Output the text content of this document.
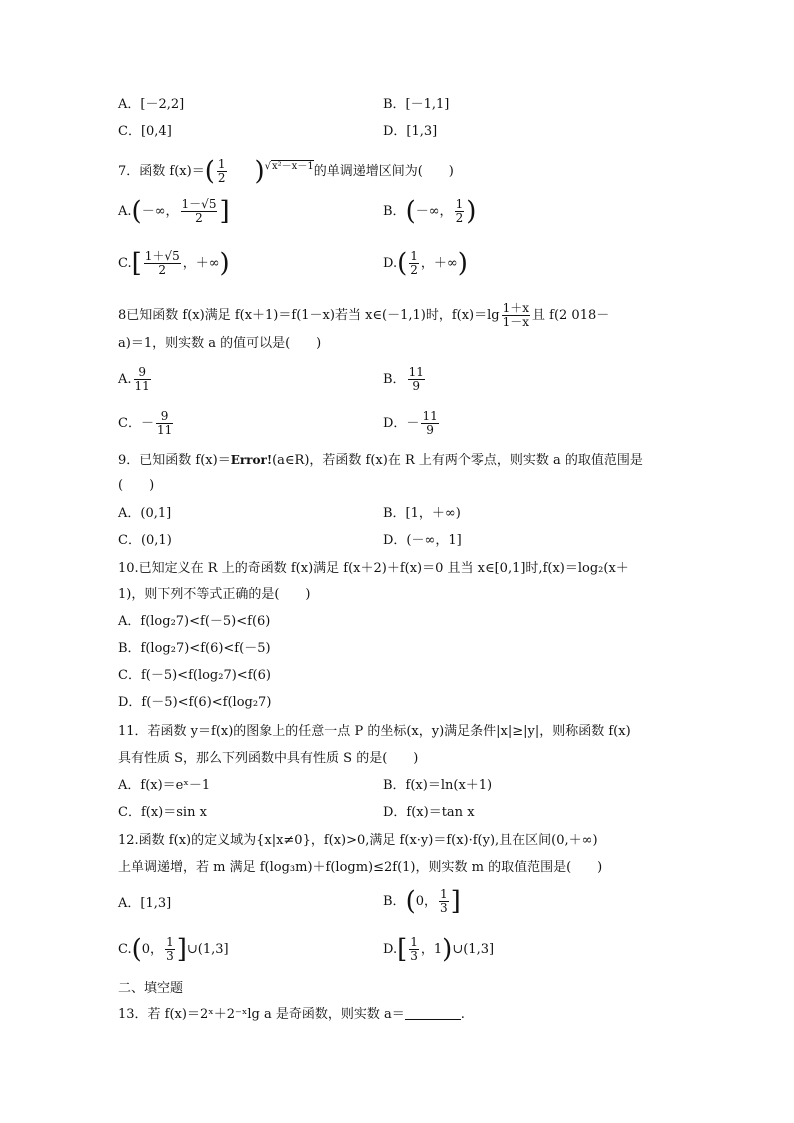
A．[－2,2]	B．[－1,1]
C．[0,4]	D．[1,3]
7．函数 $f(x)=( \frac{1}{2}$ 　)$^{√x^2-x-1}$的单调递增区间为(　　)
A.(－∞， $\frac{1-√5}{2}$ ]	B．(－∞， $\frac{1}{2}$ )
$C.[ \frac{1+√5}{2}$ ，＋∞)	$D.( \frac{1}{2}$ ，＋∞)
8已知函数 f(x)满足 f(x＋1)＝f(1－x)若当 x∈(－1,1)时，$f(x)=\lg \frac{1+x}{1-x}$ 且 f(2 018－
a)＝1，则实数 a 的值可以是(　　)
A. $\frac{9}{11}$	B． $\frac{11}{9}$
C．－ $\frac{9}{11}$	D．－ $\frac{11}{9}$
9．已知函数 f(x)＝Error!(a∈R)，若函数 f(x)在 R 上有两个零点，则实数 a 的取值范围是
(　　)
A．(0,1]	B．[1，＋∞)
C．(0,1)	D．(－∞，1]
10.已知定义在 R 上的奇函数 f(x)满足 f(x＋2)＋f(x)＝0 且当 x∈[0,1]时,f(x)＝log₂(x＋
1)，则下列不等式正确的是(　　)
A．f(log₂7)<f(－5)<f(6)
B．f(log₂7)<f(6)<f(－5)
C．f(－5)<f(log₂7)<f(6)
D．f(－5)<f(6)<f(log₂7)
11．若函数 y＝f(x)的图象上的任意一点 P 的坐标(x，y)满足条件|x|≥|y|，则称函数 f(x)
具有性质 S，那么下列函数中具有性质 S 的是(　　)
A．f(x)＝eˣ－1	B．f(x)＝ln(x＋1)
C．f(x)＝sin x	D．f(x)＝tan x
12.函数 f(x)的定义域为{x|x≠0}，f(x)>0,满足 f(x·y)＝f(x)·f(y),且在区间(0,＋∞)
上单调递增，若 m 满足 f(log₃m)＋f(logm)≤2f(1)，则实数 m 的取值范围是(　　)
A．[1,3]	B．(0， $\frac{1}{3}$ ]
C.(0， $\frac{1}{3}$ ]∪(1,3]	$D.[ \frac{1}{3}$ ，1)∪(1,3]
二、填空题
13．若 f(x)＝2ˣ＋2⁻ˣlg a 是奇函数，则实数 a＝	.
